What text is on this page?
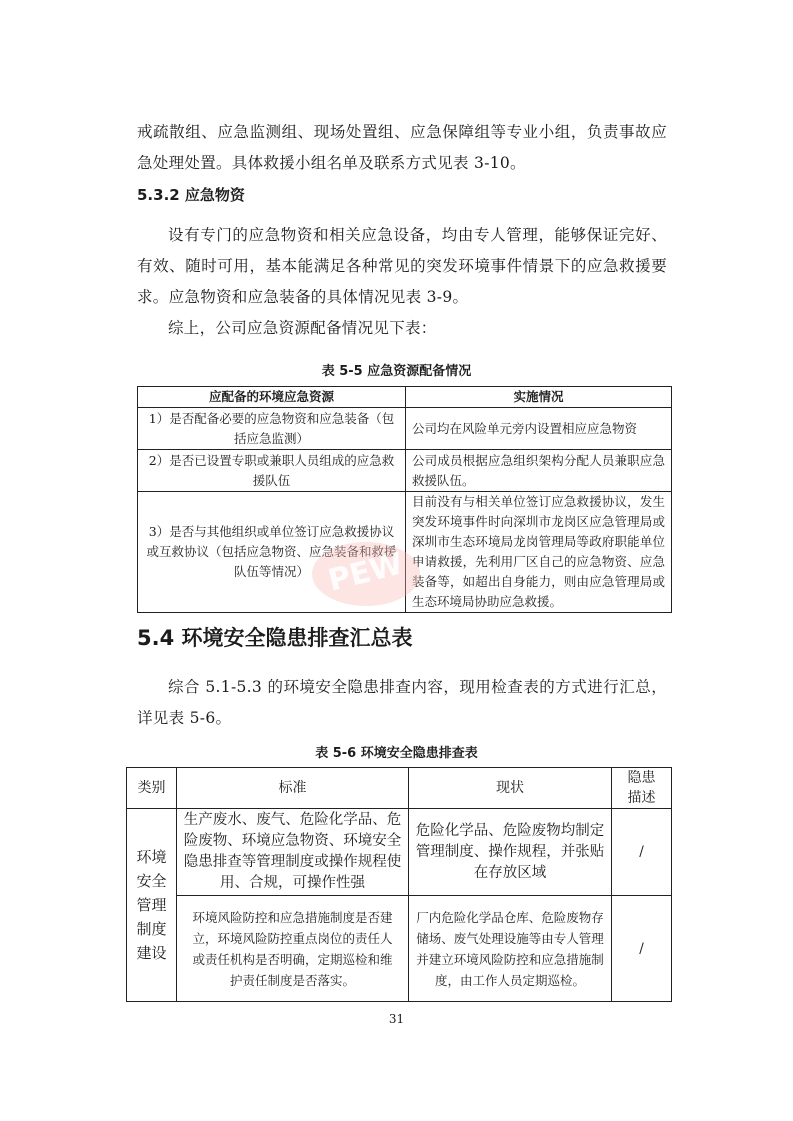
戒疏散组、应急监测组、现场处置组、应急保障组等专业小组，负责事故应急处理处置。具体救援小组名单及联系方式见表 3-10。

5.3.2 应急物资

设有专门的应急物资和相关应急设备，均由专人管理，能够保证完好、有效、随时可用，基本能满足各种常见的突发环境事件情景下的应急救援要求。应急物资和应急装备的具体情况见表 3-9。

综上，公司应急资源配备情况见下表：

表 5-5 应急资源配备情况

应配备的环境应急资源	实施情况
1）是否配备必要的应急物资和应急装备（包括应急监测）	公司均在风险单元旁内设置相应应急物资
2）是否已设置专职或兼职人员组成的应急救援队伍	公司成员根据应急组织架构分配人员兼职应急救援队伍。
3）是否与其他组织或单位签订应急救援协议或互救协议（包括应急物资、应急装备和救援队伍等情况）	目前没有与相关单位签订应急救援协议，发生突发环境事件时向深圳市龙岗区应急管理局或深圳市生态环境局龙岗管理局等政府职能单位申请救援，先利用厂区自己的应急物资、应急装备等，如超出自身能力，则由应急管理局或生态环境局协助应急救援。
PEW
5.4 环境安全隐患排查汇总表

综合 5.1-5.3 的环境安全隐患排查内容，现用检查表的方式进行汇总，详见表 5-6。

表 5-6 环境安全隐患排查表

类别	标准	现状	隐患描述
环境安全管理制度建设	生产废水、废气、危险化学品、危险废物、环境应急物资、环境安全隐患排查等管理制度或操作规程使用、合规，可操作性强	危险化学品、危险废物均制定管理制度、操作规程，并张贴在存放区域	/
	环境风险防控和应急措施制度是否建立，环境风险防控重点岗位的责任人或责任机构是否明确，定期巡检和维护责任制度是否落实。	厂内危险化学品仓库、危险废物存储场、废气处理设施等由专人管理并建立环境风险防控和应急措施制度，由工作人员定期巡检。	/

31
